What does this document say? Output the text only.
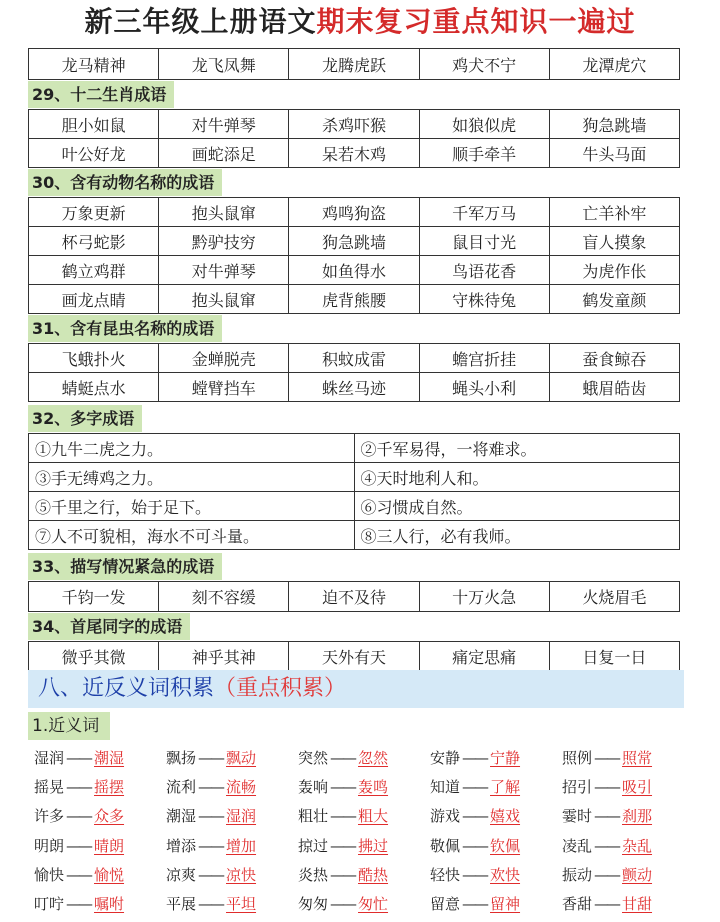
新三年级上册语文期末复习重点知识一遍过
龙马精神	龙飞凤舞	龙腾虎跃	鸡犬不宁	龙潭虎穴
29、十二生肖成语
胆小如鼠	对牛弹琴	杀鸡吓猴	如狼似虎	狗急跳墙
叶公好龙	画蛇添足	呆若木鸡	顺手牵羊	牛头马面
30、含有动物名称的成语
万象更新	抱头鼠窜	鸡鸣狗盗	千军万马	亡羊补牢
杯弓蛇影	黔驴技穷	狗急跳墙	鼠目寸光	盲人摸象
鹤立鸡群	对牛弹琴	如鱼得水	鸟语花香	为虎作伥
画龙点睛	抱头鼠窜	虎背熊腰	守株待兔	鹤发童颜
31、含有昆虫名称的成语
飞蛾扑火	金蝉脱壳	积蚊成雷	蟾宫折挂	蚕食鲸吞
蜻蜓点水	螳臂挡车	蛛丝马迹	蝇头小利	蛾眉皓齿
32、多字成语
①九牛二虎之力。	②千军易得，一将难求。
③手无缚鸡之力。	④天时地利人和。
⑤千里之行，始于足下。	⑥习惯成自然。
⑦人不可貌相，海水不可斗量。	⑧三人行，必有我师。
33、描写情况紧急的成语
千钧一发	刻不容缓	迫不及待	十万火急	火烧眉毛
34、首尾同字的成语
微乎其微	神乎其神	天外有天	痛定思痛	日复一日
八、近反义词积累（重点积累）
1.近义词
湿润 —— 潮湿	飘扬 —— 飘动	突然 —— 忽然	安静 —— 宁静	照例 —— 照常
摇晃 —— 摇摆	流利 —— 流畅	轰响 —— 轰鸣	知道 —— 了解	招引 —— 吸引
许多 —— 众多	潮湿 —— 湿润	粗壮 —— 粗大	游戏 —— 嬉戏	霎时 —— 刹那
明朗 —— 晴朗	增添 —— 增加	掠过 —— 拂过	敬佩 —— 钦佩	凌乱 —— 杂乱
愉快 —— 愉悦	凉爽 —— 凉快	炎热 —— 酷热	轻快 —— 欢快	振动 —— 颤动
叮咛 —— 嘱咐	平展 —— 平坦	匆匆 —— 匆忙	留意 —— 留神	香甜 —— 甘甜
